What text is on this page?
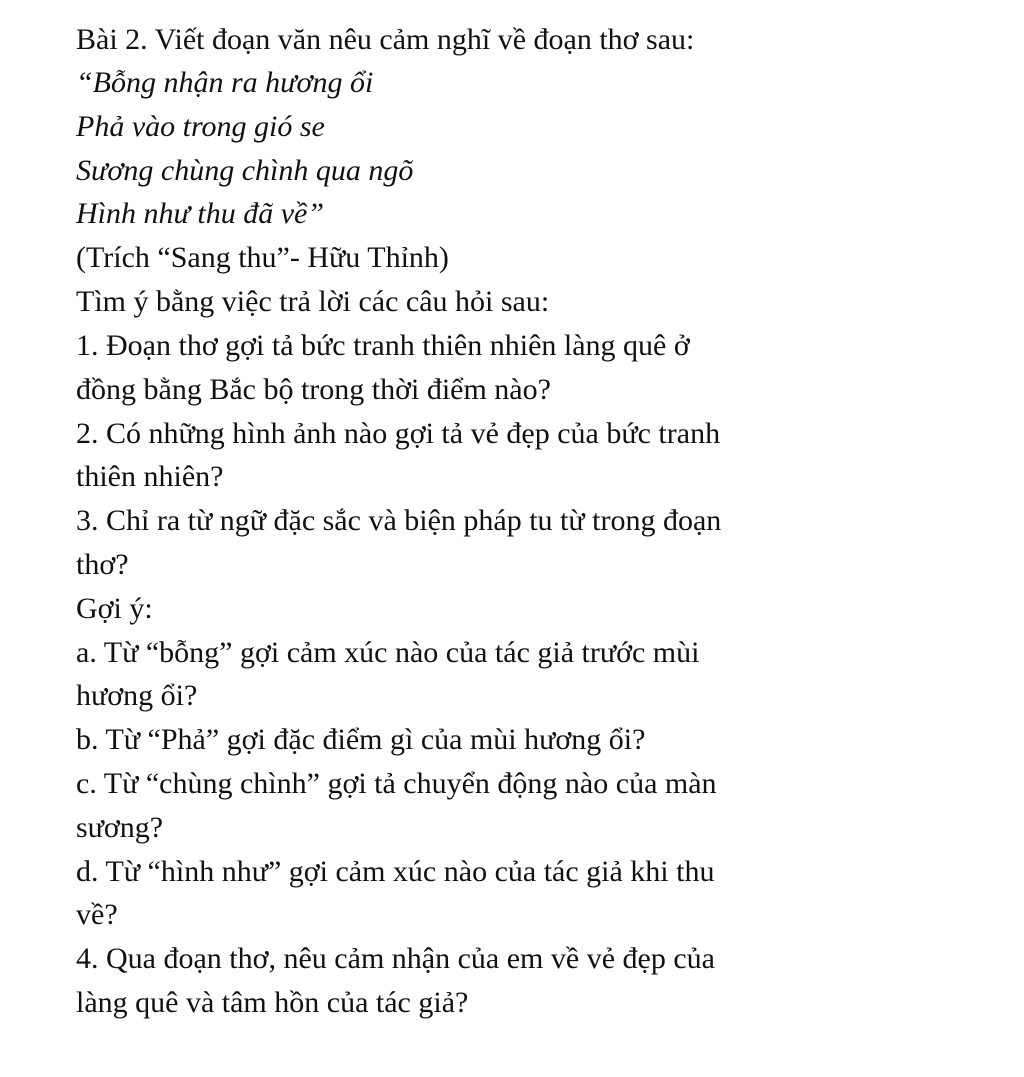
Bài 2. Viết đoạn văn nêu cảm nghĩ về đoạn thơ sau:

“Bỗng nhận ra hương ổi

Phả vào trong gió se

Sương chùng chình qua ngõ

Hình như thu đã về”

(Trích “Sang thu”- Hữu Thỉnh)

Tìm ý bằng việc trả lời các câu hỏi sau:

1. Đoạn thơ gợi tả bức tranh thiên nhiên làng quê ở

đồng bằng Bắc bộ trong thời điểm nào?

2. Có những hình ảnh nào gợi tả vẻ đẹp của bức tranh

thiên nhiên?

3. Chỉ ra từ ngữ đặc sắc và biện pháp tu từ trong đoạn

thơ?

Gợi ý:

a. Từ “bỗng” gợi cảm xúc nào của tác giả trước mùi

hương ổi?

b. Từ “Phả” gợi đặc điểm gì của mùi hương ổi?

c. Từ “chùng chình” gợi tả chuyển động nào của màn

sương?

d. Từ “hình như” gợi cảm xúc nào của tác giả khi thu

về?

4. Qua đoạn thơ, nêu cảm nhận của em về vẻ đẹp của

làng quê và tâm hồn của tác giả?
